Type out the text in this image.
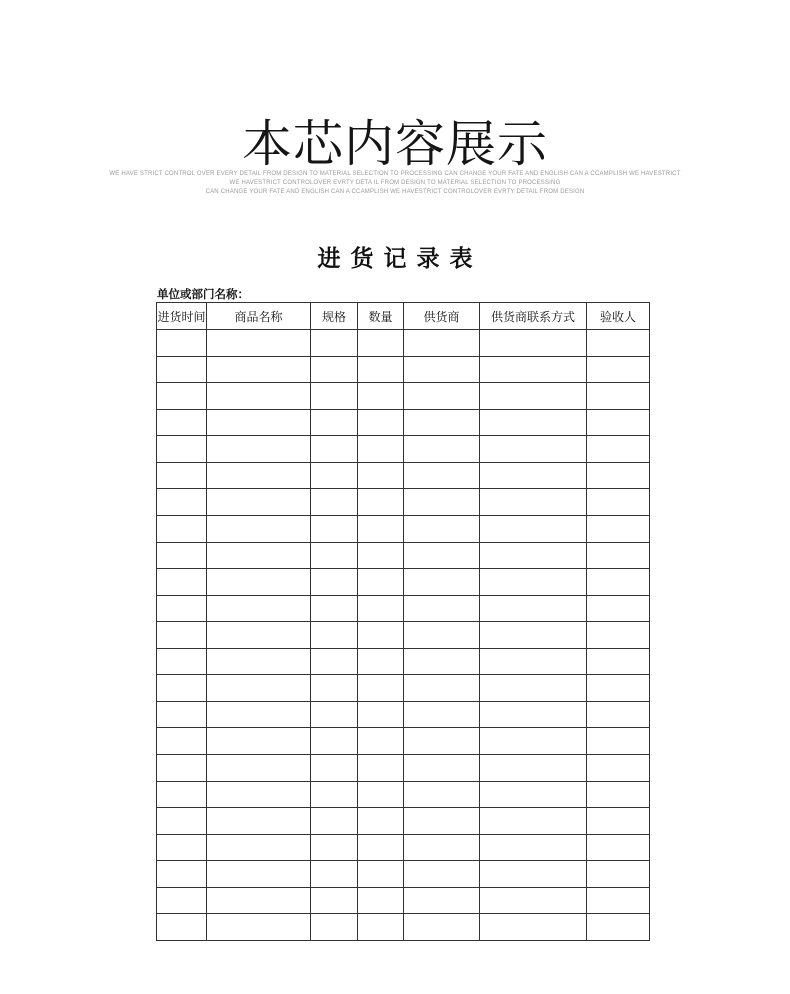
本芯内容展示
WE HAVE STRICT CONTROL OVER EVERY DETAIL FROM DESIGN TO MATERIAL SELECTION TO PROCESSING CAN CHANGE YOUR FATE AND ENGLISH CAN A CCAMPLISH WE HAVESTRICT
WE HAVESTRICT CONTROLOVER EVRTY DETA IL FROM DESIGN TO MATERIAL SELECTION TO PROCESSING
CAN CHANGE YOUR FATE AND ENGLISH CAN A CCAMPLISH WE HAVESTRICT CONTROLOVER EVRTY DETAIL FROM DESIGN
进货记录表
单位或部门名称：
进货时间	商品名称	规格	数量	供货商	供货商联系方式	验收人
